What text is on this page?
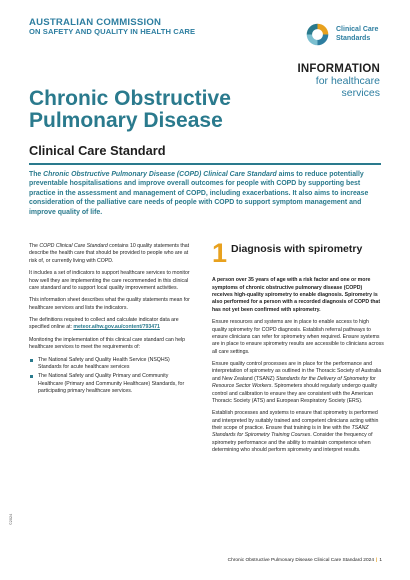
AUSTRALIAN COMMISSION
ON SAFETY AND QUALITY IN HEALTH CARE	Clinical Care
Standards
INFORMATION
for healthcare
services
Chronic Obstructive Pulmonary Disease
Clinical Care Standard

The Chronic Obstructive Pulmonary Disease (COPD) Clinical Care Standard aims to reduce potentially preventable hospitalisations and improve overall outcomes for people with COPD by supporting best practice in the assessment and management of COPD, including exacerbations. It also aims to increase consideration of the palliative care needs of people with COPD to support symptom management and improve quality of life.

The COPD Clinical Care Standard contains 10 quality statements that describe the health care that should be provided to people who are at risk of, or currently living with COPD.

It includes a set of indicators to support healthcare services to monitor how well they are implementing the care recommended in this clinical care standard and to support local quality improvement activities.

This information sheet describes what the quality statements mean for healthcare services and lists the indicators.

The definitions required to collect and calculate indicator data are specified online at: meteor.aihw.gov.au/content/793471

Monitoring the implementation of this clinical care standard can help healthcare services to meet the requirements of:

The National Safety and Quality Health Service (NSQHS) Standards for acute healthcare services
The National Safety and Quality Primary and Community Healthcare (Primary and Community Healthcare) Standards, for participating primary healthcare services.
1 Diagnosis with spirometry

A person over 35 years of age with a risk factor and one or more symptoms of chronic obstructive pulmonary disease (COPD) receives high-quality spirometry to enable diagnosis. Spirometry is also performed for a person with a recorded diagnosis of COPD that has not yet been confirmed with spirometry.

Ensure resources and systems are in place to enable access to high quality spirometry for COPD diagnosis. Establish referral pathways to ensure clinicians can refer for spirometry when required. Ensure systems are in place to ensure spirometry results are accessible to clinicians across all care settings.

Ensure quality control processes are in place for the performance and interpretation of spirometry as outlined in the Thoracic Society of Australia and New Zealand (TSANZ) Standards for the Delivery of Spirometry for Resource Sector Workers. Spirometers should regularly undergo quality control and calibration to ensure they are consistent with the American Thoracic Society (ATS) and European Respiratory Society (ERS).

Establish processes and systems to ensure that spirometry is performed and interpreted by suitably trained and competent clinicians acting within their scope of practice. Ensure that training is in line with the TSANZ Standards for Spirometry Training Courses. Consider the frequency of spirometry performance and the ability to maintain competence when determining who should perform spirometry and interpret results.

©2024
Chronic Obstructive Pulmonary Disease Clinical Care Standard 2024 | 1
